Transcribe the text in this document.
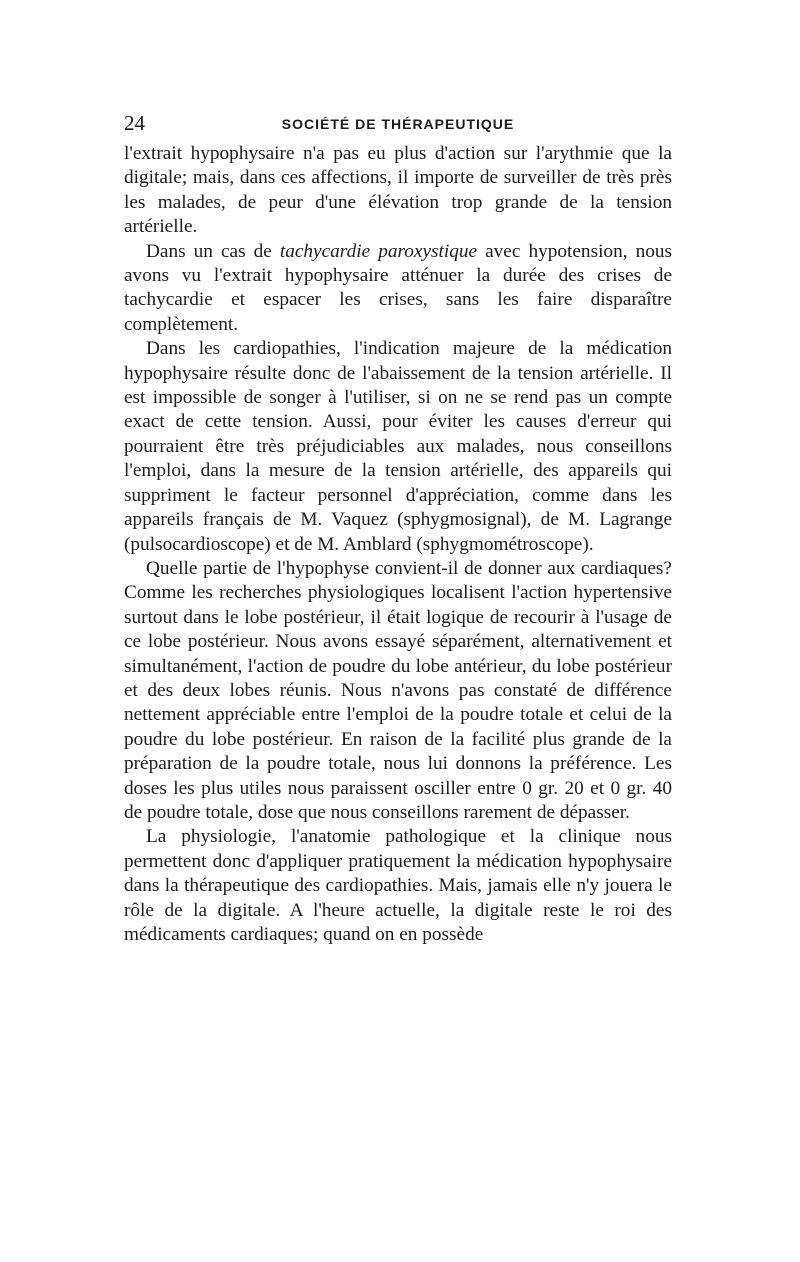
24	SOCIÉTÉ DE THÉRAPEUTIQUE

l'extrait hypophysaire n'a pas eu plus d'action sur l'arythmie que la digitale; mais, dans ces affections, il importe de surveiller de très près les malades, de peur d'une élévation trop grande de la tension artérielle.

Dans un cas de tachycardie paroxystique avec hypotension, nous avons vu l'extrait hypophysaire atténuer la durée des crises de tachycardie et espacer les crises, sans les faire disparaître complètement.

Dans les cardiopathies, l'indication majeure de la médication hypophysaire résulte donc de l'abaissement de la tension artérielle. Il est impossible de songer à l'utiliser, si on ne se rend pas un compte exact de cette tension. Aussi, pour éviter les causes d'erreur qui pourraient être très préjudiciables aux malades, nous conseillons l'emploi, dans la mesure de la tension artérielle, des appareils qui suppriment le facteur personnel d'appréciation, comme dans les appareils français de M. Vaquez (sphygmosignal), de M. Lagrange (pulsocardioscope) et de M. Amblard (sphygmométroscope).

Quelle partie de l'hypophyse convient-il de donner aux cardiaques? Comme les recherches physiologiques localisent l'action hypertensive surtout dans le lobe postérieur, il était logique de recourir à l'usage de ce lobe postérieur. Nous avons essayé séparément, alternativement et simultanément, l'action de poudre du lobe antérieur, du lobe postérieur et des deux lobes réunis. Nous n'avons pas constaté de différence nettement appréciable entre l'emploi de la poudre totale et celui de la poudre du lobe postérieur. En raison de la facilité plus grande de la préparation de la poudre totale, nous lui donnons la préférence. Les doses les plus utiles nous paraissent osciller entre 0 gr. 20 et 0 gr. 40 de poudre totale, dose que nous conseillons rarement de dépasser.

La physiologie, l'anatomie pathologique et la clinique nous permettent donc d'appliquer pratiquement la médication hypophysaire dans la thérapeutique des cardiopathies. Mais, jamais elle n'y jouera le rôle de la digitale. A l'heure actuelle, la digitale reste le roi des médicaments cardiaques; quand on en possède
